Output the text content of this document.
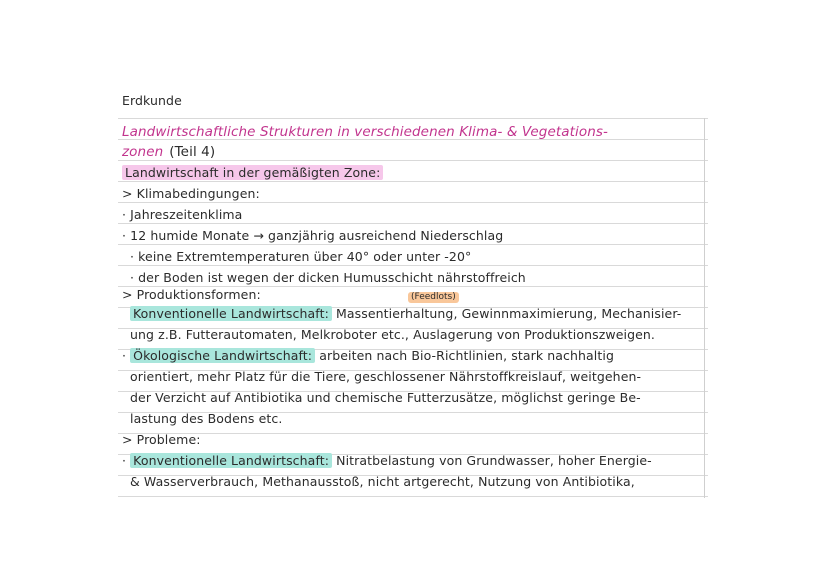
Erdkunde
Landwirtschaftliche Strukturen in verschiedenen Klima- & Vegetations-
zonen (Teil 4)
Landwirtschaft in der gemäßigten Zone:
> Klimabedingungen:
· Jahreszeitenklima
· 12 humide Monate → ganzjährig ausreichend Niederschlag
· keine Extremtemperaturen über 40° oder unter -20°
· der Boden ist wegen der dicken Humusschicht nährstoffreich
> Produktionsformen:	(Feedlots)
Konventionelle Landwirtschaft: Massentierhaltung, Gewinnmaximierung, Mechanisier-
ung z.B. Futterautomaten, Melkroboter etc., Auslagerung von Produktionszweigen.
· Ökologische Landwirtschaft: arbeiten nach Bio-Richtlinien, stark nachhaltig
orientiert, mehr Platz für die Tiere, geschlossener Nährstoffkreislauf, weitgehen-
der Verzicht auf Antibiotika und chemische Futterzusätze, möglichst geringe Be-
lastung des Bodens etc.
> Probleme:
· Konventionelle Landwirtschaft: Nitratbelastung von Grundwasser, hoher Energie-
& Wasserverbrauch, Methanausstoß, nicht artgerecht, Nutzung von Antibiotika,
